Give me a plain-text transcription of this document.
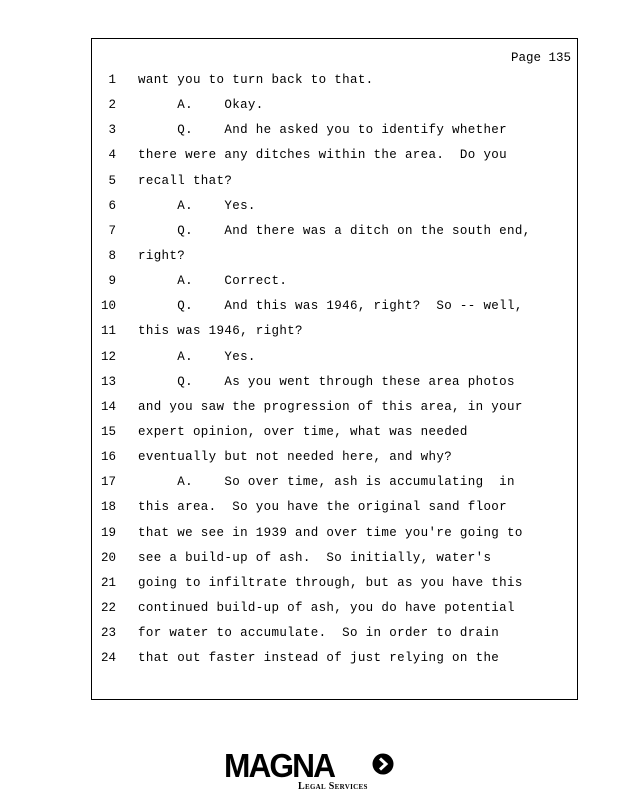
Page 135
1 want you to turn back to that.
2 A.    Okay.
3 Q.    And he asked you to identify whether
4 there were any ditches within the area.  Do you
5 recall that?
6 A.    Yes.
7 Q.    And there was a ditch on the south end,
8 right?
9 A.    Correct.
10 Q.    And this was 1946, right?  So -- well,
11 this was 1946, right?
12 A.    Yes.
13 Q.    As you went through these area photos
14 and you saw the progression of this area, in your
15 expert opinion, over time, what was needed
16 eventually but not needed here, and why?
17 A.    So over time, ash is accumulating  in
18 this area.  So you have the original sand floor
19 that we see in 1939 and over time you're going to
20 see a build-up of ash.  So initially, water's
21 going to infiltrate through, but as you have this
22 continued build-up of ash, you do have potential
23 for water to accumulate.  So in order to drain
24 that out faster instead of just relying on the
MAGNA
Legal Services
